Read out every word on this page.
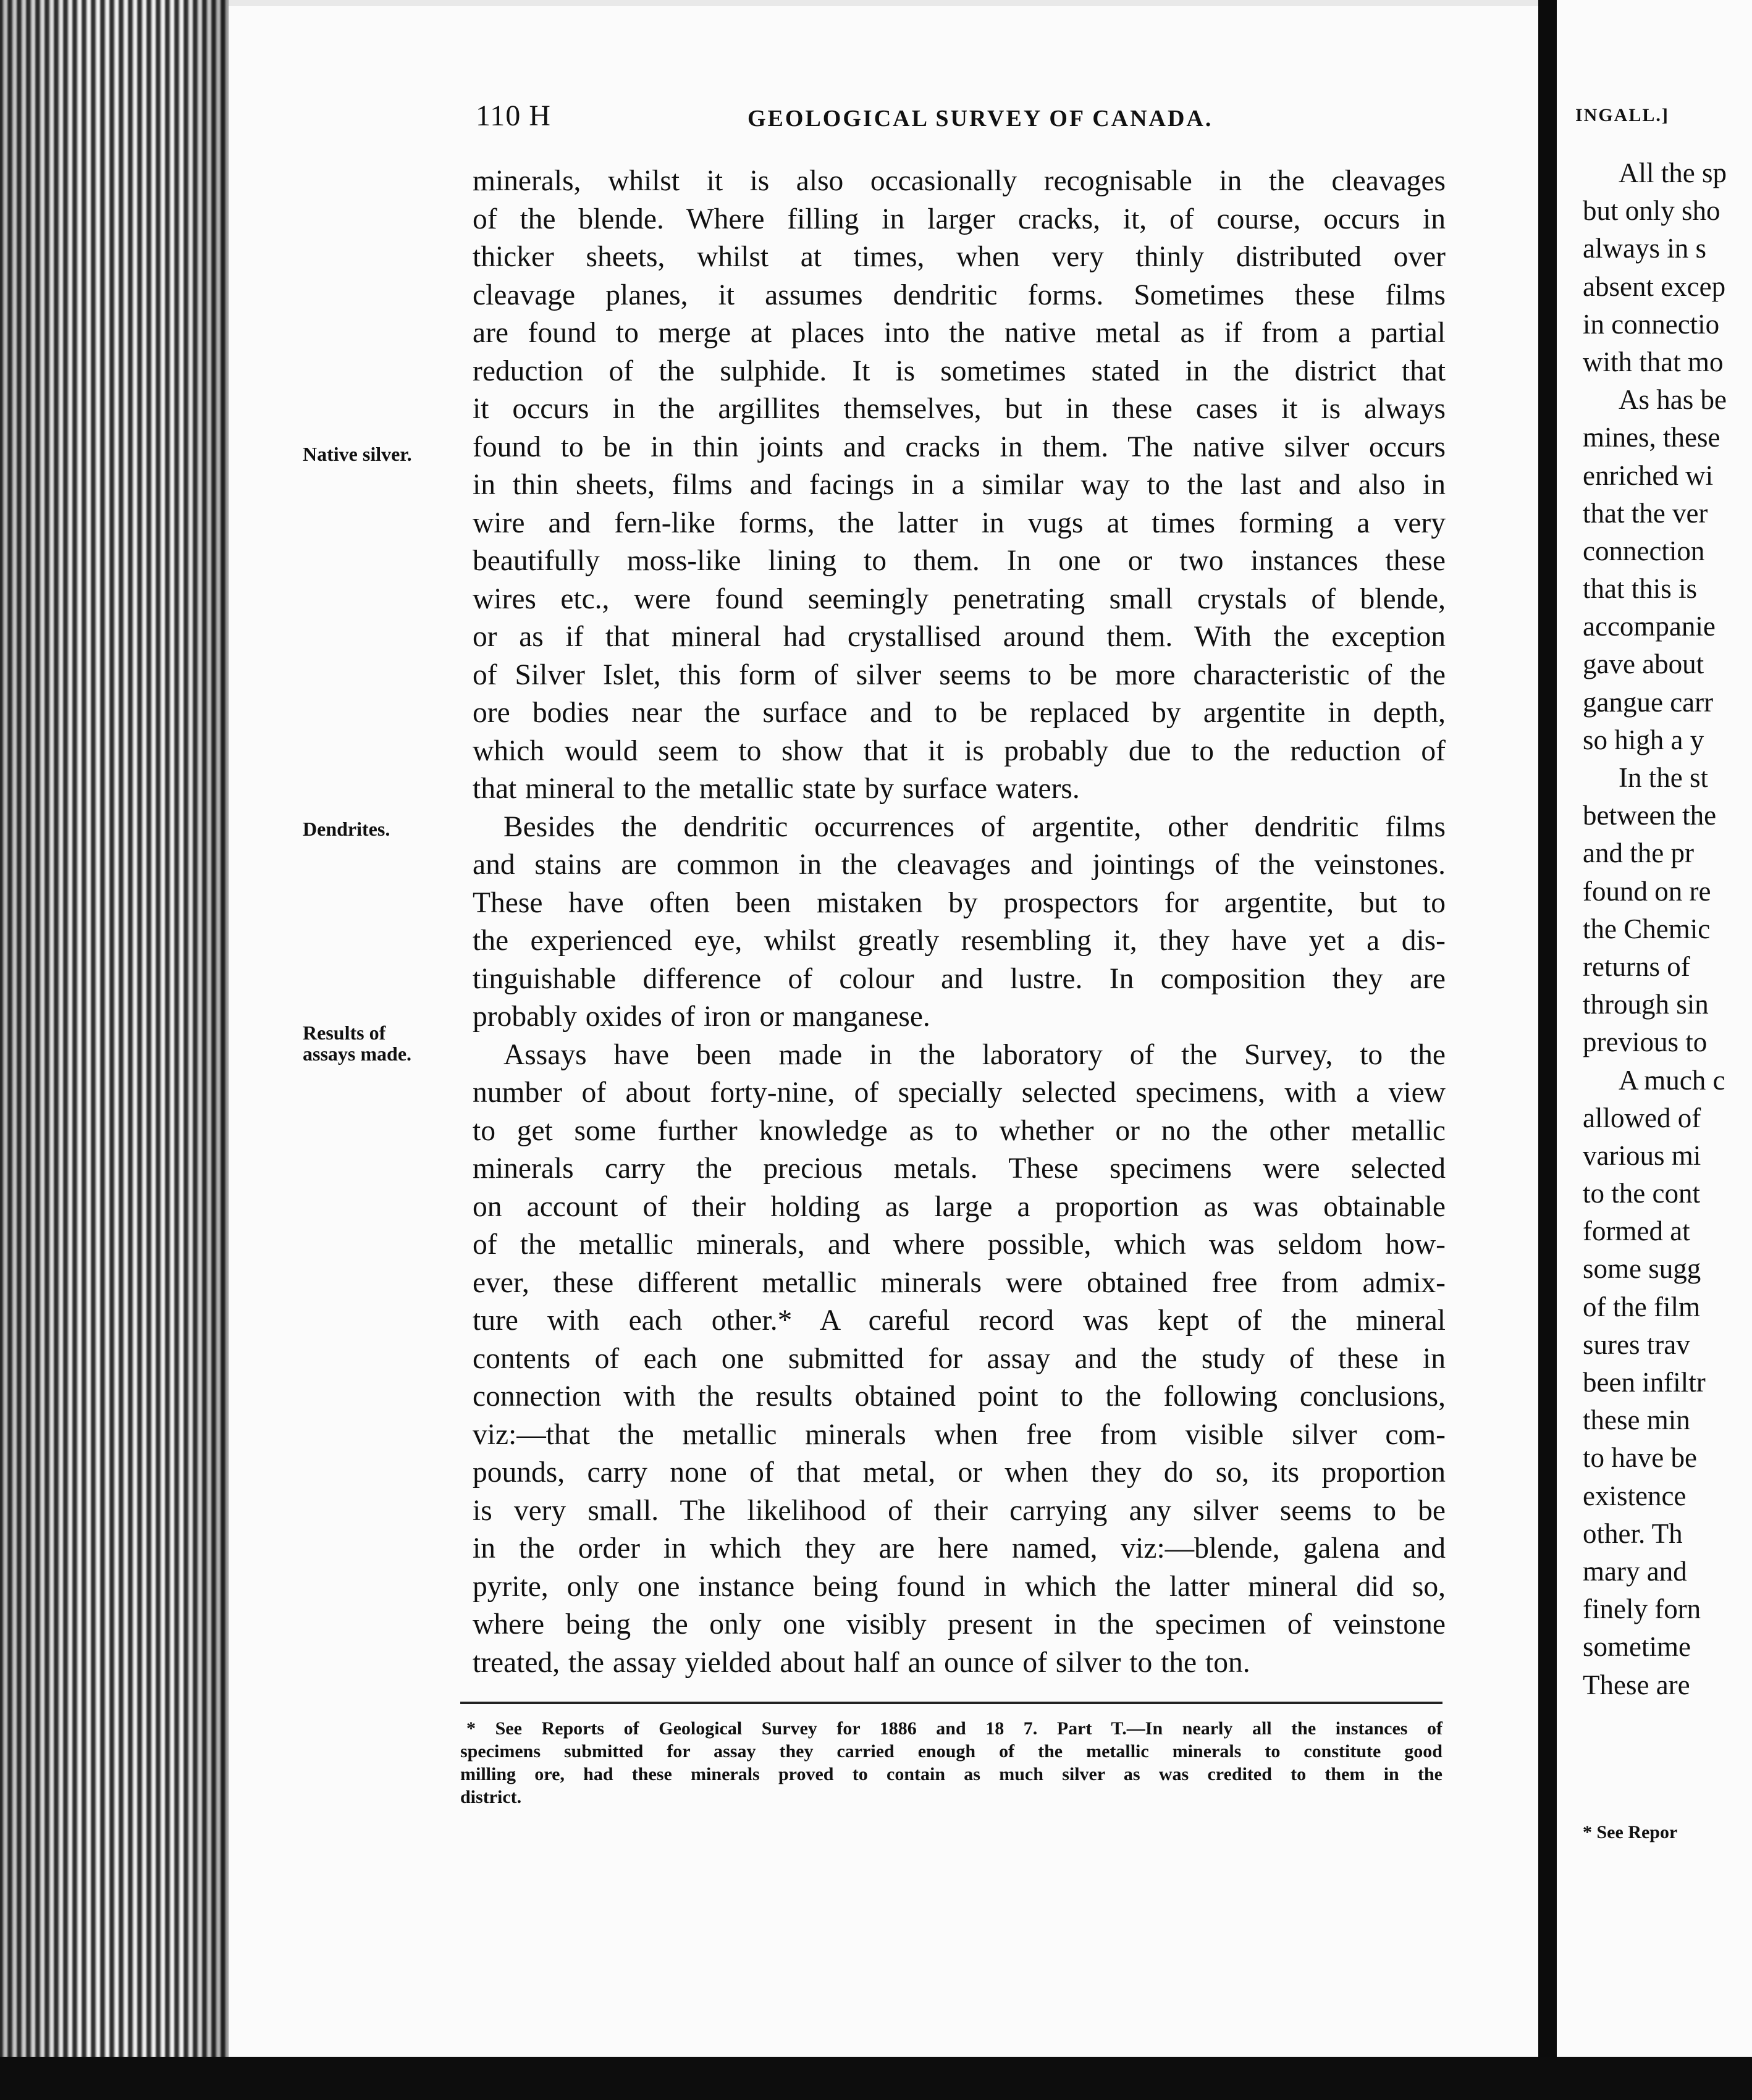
INGALL.]
All the sp
but only sho
always in s
absent excep
in connectio
with that mo
As has be
mines, these
enriched wi
that the ver
connection
that this is
accompanie
gave about
gangue carr
so high a y
In the st
between the
and the pr
found on re
the Chemic
returns of
through sin
previous to
A much c
allowed of
various mi
to the cont
formed at
some sugg
of the film
sures trav
been infiltr
these min
to have be
existence
other. Th
mary and
finely forn
sometime
These are
* See Repor
110 H	GEOLOGICAL SURVEY OF CANADA.
Native silver.
Dendrites.
Results of
assays made.
minerals, whilst it is also occasionally recognisable in the cleavages
of the blende. Where filling in larger cracks, it, of course, occurs in
thicker sheets, whilst at times, when very thinly distributed over
cleavage planes, it assumes dendritic forms. Sometimes these films
are found to merge at places into the native metal as if from a partial
reduction of the sulphide. It is sometimes stated in the district that
it occurs in the argillites themselves, but in these cases it is always
found to be in thin joints and cracks in them. The native silver occurs
in thin sheets, films and facings in a similar way to the last and also in
wire and fern-like forms, the latter in vugs at times forming a very
beautifully moss-like lining to them. In one or two instances these
wires etc., were found seemingly penetrating small crystals of blende,
or as if that mineral had crystallised around them. With the exception
of Silver Islet, this form of silver seems to be more characteristic of the
ore bodies near the surface and to be replaced by argentite in depth,
which would seem to show that it is probably due to the reduction of
that mineral to the metallic state by surface waters.
Besides the dendritic occurrences of argentite, other dendritic films
and stains are common in the cleavages and jointings of the veinstones.
These have often been mistaken by prospectors for argentite, but to
the experienced eye, whilst greatly resembling it, they have yet a dis-
tinguishable difference of colour and lustre. In composition they are
probably oxides of iron or manganese.
Assays have been made in the laboratory of the Survey, to the
number of about forty-nine, of specially selected specimens, with a view
to get some further knowledge as to whether or no the other metallic
minerals carry the precious metals. These specimens were selected
on account of their holding as large a proportion as was obtainable
of the metallic minerals, and where possible, which was seldom how-
ever, these different metallic minerals were obtained free from admix-
ture with each other.* A careful record was kept of the mineral
contents of each one submitted for assay and the study of these in
connection with the results obtained point to the following conclusions,
viz:—that the metallic minerals when free from visible silver com-
pounds, carry none of that metal, or when they do so, its proportion
is very small. The likelihood of their carrying any silver seems to be
in the order in which they are here named, viz:—blende, galena and
pyrite, only one instance being found in which the latter mineral did so,
where being the only one visibly present in the specimen of veinstone
treated, the assay yielded about half an ounce of silver to the ton.
* See Reports of Geological Survey for 1886 and 18 7. Part T.—In nearly all the instances of
specimens submitted for assay they carried enough of the metallic minerals to constitute good
milling ore, had these minerals proved to contain as much silver as was credited to them in the
district.
